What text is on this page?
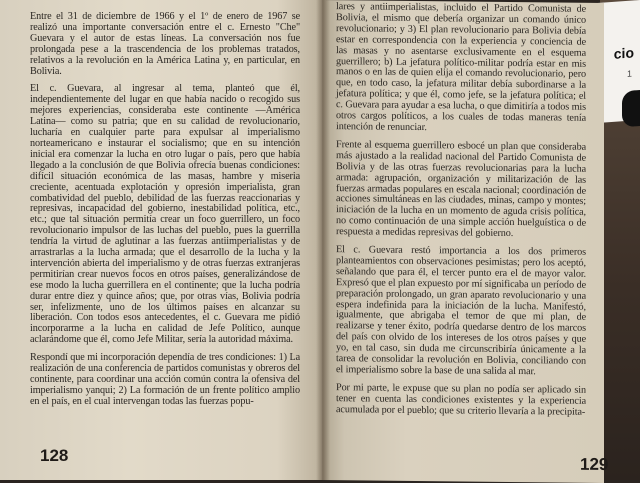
cio
1

Entre el 31 de diciembre de 1966 y el 1º de enero de 1967 se realizó una importante conversación entre el c. Ernesto "Che" Guevara y el autor de estas líneas. La conversación nos fue prolongada pese a la trascendencia de los problemas tratados, relativos a la revolución en la América Latina y, en particular, en Bolivia.

El c. Guevara, al ingresar al tema, planteó que él, independientemente del lugar en que había nacido o recogido sus mejores experiencias, consideraba este continente —América Latina— como su patria; que en su calidad de revolucionario, lucharía en cualquier parte para expulsar al imperialismo norteamericano e instaurar el socialismo; que en su intención inicial era comenzar la lucha en otro lugar o país, pero que había llegado a la conclusión de que Bolivia ofrecía buenas condiciones: difícil situación económica de las masas, hambre y miseria creciente, acentuada explotación y opresión imperialista, gran combatividad del pueblo, debilidad de las fuerzas reaccionarias y represivas, incapacidad del gobierno, inestabilidad política, etc., etc.; que tal situación permitía crear un foco guerrillero, un foco revolucionario impulsor de las luchas del pueblo, pues la guerrilla tendría la virtud de aglutinar a las fuerzas antiimperialistas y de arrastrarlas a la lucha armada; que el desarrollo de la lucha y la intervención abierta del imperialismo y de otras fuerzas extranjeras permitirían crear nuevos focos en otros países, generalizándose de ese modo la lucha guerrillera en el continente; que la lucha podría durar entre diez y quince años; que, por otras vías, Bolivia podría ser, infelizmente, uno de los últimos países en alcanzar su liberación. Con todos esos antecedentes, el c. Guevara me pidió incorporarme a la lucha en calidad de Jefe Político, aunque aclarándome que él, como Jefe Militar, sería la autoridad máxima.

Respondí que mi incorporación dependía de tres condiciones: 1) La realización de una conferencia de partidos comunistas y obreros del continente, para coordinar una acción común contra la ofensiva del imperialismo yanqui; 2) La formación de un frente político amplio en el país, en el cual intervengan todas las fuerzas popu-

128

lares y antiimperialistas, incluido el Partido Comunista de Bolivia, el mismo que debería organizar un comando único revolucionario; y 3) El plan revolucionario para Bolivia debía estar en correspondencia con la experiencia y conciencia de las masas y no asentarse exclusivamente en el esquema guerrillero; b) La jefatura político-militar podría estar en mis manos o en las de quien elija el comando revolucionario, pero que, en todo caso, la jefatura militar debía subordinarse a la jefatura política; y que él, como jefe, se la jefatura política; el c. Guevara para ayudar a esa lucha, o que dimitiría a todos mis otros cargos políticos, a los cuales de todas maneras tenía intención de renunciar.

Frente al esquema guerrillero esbocé un plan que consideraba más ajustado a la realidad nacional del Partido Comunista de Bolivia y de las otras fuerzas revolucionarias para la lucha armada: agrupación, organización y militarización de las fuerzas armadas populares en escala nacional; coordinación de acciones simultáneas en las ciudades, minas, campo y montes; iniciación de la lucha en un momento de aguda crisis política, no como continuación de una simple acción huelguística o de respuesta a medidas represivas del gobierno.

El c. Guevara restó importancia a los dos primeros planteamientos con observaciones pesimistas; pero los aceptó, señalando que para él, el tercer punto era el de mayor valor. Expresó que el plan expuesto por mí significaba un período de preparación prolongado, un gran aparato revolucionario y una espera indefinida para la iniciación de la lucha. Manifestó, igualmente, que abrigaba el temor de que mi plan, de realizarse y tener éxito, podría quedarse dentro de los marcos del país con olvido de los intereses de los otros países y que yo, en tal caso, sin duda me circunscribiría únicamente a la tarea de consolidar la revolución en Bolivia, conciliando con el imperialismo sobre la base de una salida al mar.

Por mi parte, le expuse que su plan no podía ser aplicado sin tener en cuenta las condiciones existentes y la experiencia acumulada por el pueblo; que su criterio llevaría a la precipita-

129
